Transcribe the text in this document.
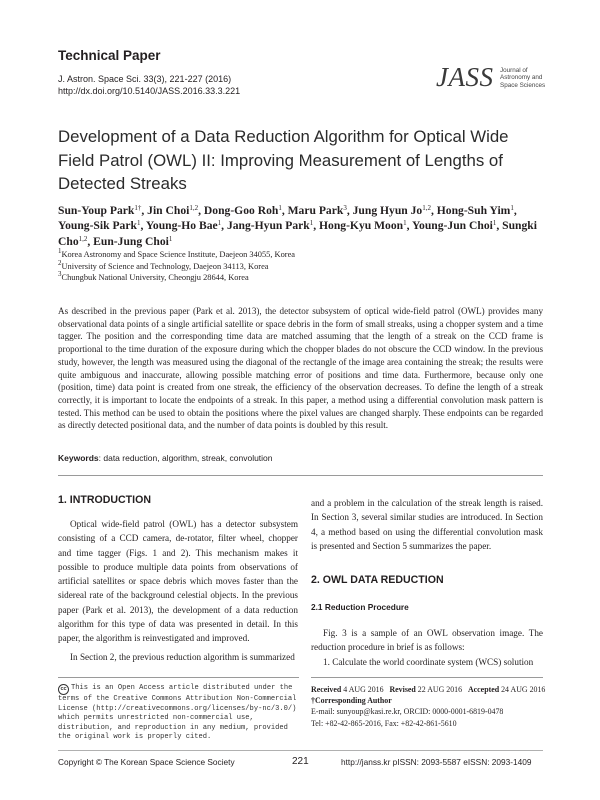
Technical Paper
J. Astron. Space Sci. 33(3), 221-227 (2016)
http://dx.doi.org/10.5140/JASS.2016.33.3.221	JASS Journal of
Astronomy and
Space Sciences
Development of a Data Reduction Algorithm for Optical Wide Field Patrol (OWL) II: Improving Measurement of Lengths of Detected Streaks
Sun-Youp Park$^{1\dagger}$, Jin Choi$^{1,2}$, Dong-Goo Roh$^1$, Maru Park$^3$, Jung Hyun Jo$^{1,2}$, Hong-Suh Yim$^1$, Young-Sik Park$^1$, Young-Ho Bae$^1$, Jang-Hyun Park$^1$, Hong-Kyu Moon$^1$, Young-Jun Choi$^1$, Sungki Cho$^{1,2}$, Eun-Jung Choi$^1$
$^1$Korea Astronomy and Space Science Institute, Daejeon 34055, Korea
$^2$University of Science and Technology, Daejeon 34113, Korea
$^3$Chungbuk National University, Cheongju 28644, Korea
As described in the previous paper (Park et al. 2013), the detector subsystem of optical wide-field patrol (OWL) provides many observational data points of a single artificial satellite or space debris in the form of small streaks, using a chopper system and a time tagger. The position and the corresponding time data are matched assuming that the length of a streak on the CCD frame is proportional to the time duration of the exposure during which the chopper blades do not obscure the CCD window. In the previous study, however, the length was measured using the diagonal of the rectangle of the image area containing the streak; the results were quite ambiguous and inaccurate, allowing possible matching error of positions and time data. Furthermore, because only one (position, time) data point is created from one streak, the efficiency of the observation decreases. To define the length of a streak correctly, it is important to locate the endpoints of a streak. In this paper, a method using a differential convolution mask pattern is tested. This method can be used to obtain the positions where the pixel values are changed sharply. These endpoints can be regarded as directly detected positional data, and the number of data points is doubled by this result.
Keywords: data reduction, algorithm, streak, convolution
1. INTRODUCTION

Optical wide-field patrol (OWL) has a detector subsystem consisting of a CCD camera, de-rotator, filter wheel, chopper and time tagger (Figs. 1 and 2). This mechanism makes it possible to produce multiple data points from observations of artificial satellites or space debris which moves faster than the sidereal rate of the background celestial objects. In the previous paper (Park et al. 2013), the development of a data reduction algorithm for this type of data was presented in detail. In this paper, the algorithm is reinvestigated and improved.

In Section 2, the previous reduction algorithm is summarized

and a problem in the calculation of the streak length is raised. In Section 3, several similar studies are introduced. In Section 4, a method based on using the differential convolution mask is presented and Section 5 summarizes the paper.

2. OWL DATA REDUCTION
2.1 Reduction Procedure

Fig. 3 is a sample of an OWL observation image. The reduction procedure in brief is as follows:

1. Calculate the world coordinate system (WCS) solution

cc This is an Open Access article distributed under the terms of the Creative Commons Attribution Non-Commercial License (http://creativecommons.org/licenses/by-nc/3.0/) which permits unrestricted non-commercial use, distribution, and reproduction in any medium, provided the original work is properly cited.
Received 4 AUG 2016 Revised 22 AUG 2016 Accepted 24 AUG 2016
†Corresponding Author
E-mail: sunyoup@kasi.re.kr, ORCID: 0000-0001-6819-0478
Tel: +82-42-865-2016, Fax: +82-42-861-5610
Copyright © The Korean Space Science Society	221	http://janss.kr pISSN: 2093-5587 eISSN: 2093-1409
